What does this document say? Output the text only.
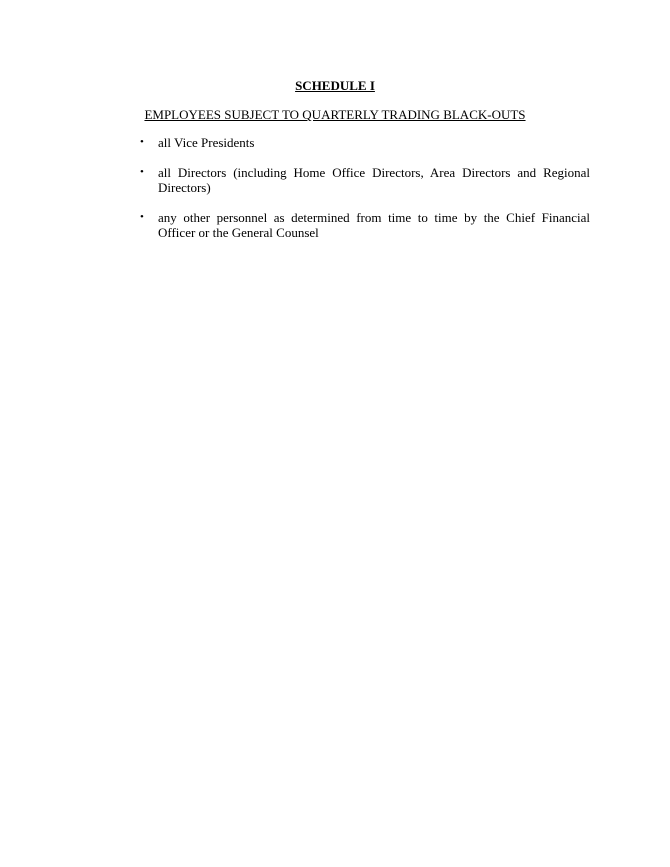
SCHEDULE I
EMPLOYEES SUBJECT TO QUARTERLY TRADING BLACK-OUTS
• all Vice Presidents
• all Directors (including Home Office Directors, Area Directors and Regional Directors)
• any other personnel as determined from time to time by the Chief Financial Officer or the General Counsel
